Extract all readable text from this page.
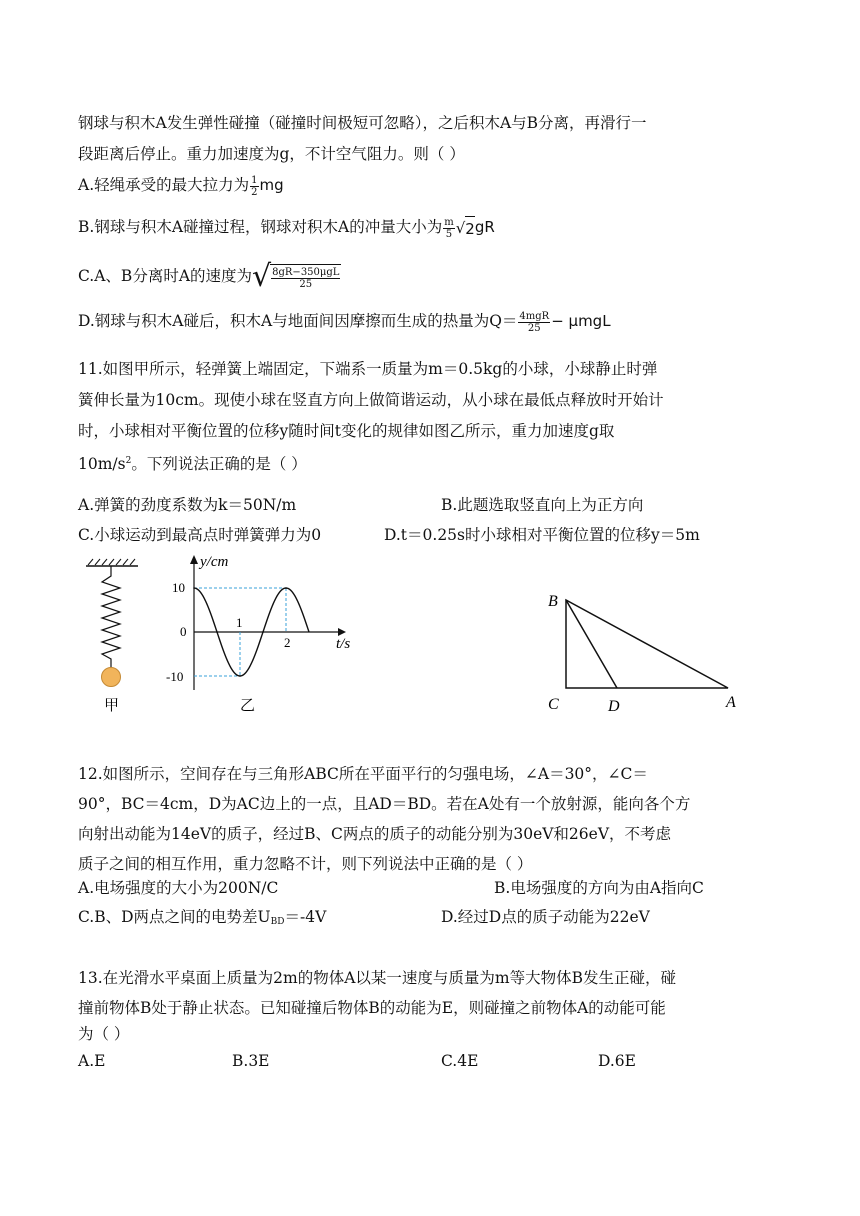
钢球与积木A发生弹性碰撞（碰撞时间极短可忽略），之后积木A与B分离，再滑行一
段距离后停止。重力加速度为g，不计空气阻力。则（ ）
A.轻绳承受的最大拉力为 $\frac{1}{2}$ mg
B.钢球与积木A碰撞过程，钢球对积木A的冲量大小为 $\frac{m}{5}$ √ 2 gR
C.A、B分离时A的速度为 √ $\frac{\text{8gR−350μgL}}{25}$
D.钢球与积木A碰后，积木A与地面间因摩擦而生成的热量为$Q= \frac{\text{4mgR}}{25} - \mu mgL$
11.如图甲所示，轻弹簧上端固定，下端系一质量为m＝0.5kg的小球，小球静止时弹
簧伸长量为10cm。现使小球在竖直方向上做简谐运动，从小球在最低点释放时开始计
时，小球相对平衡位置的位移y随时间t变化的规律如图乙所示，重力加速度g取
$10m/s^2$。下列说法正确的是（ ）
A.弹簧的劲度系数为k＝50N/m	B.此题选取竖直向上为正方向
C.小球运动到最高点时弹簧弹力为0	D.t＝0.25s时小球相对平衡位置的位移y＝5m
甲
y/cm
t/s
10
0
-10
1
2
乙
B
C	D	A
12.如图所示，空间存在与三角形ABC所在平面平行的匀强电场，∠A＝30°，∠C＝
90°，BC＝4cm，D为AC边上的一点，且AD＝BD。若在A处有一个放射源，能向各个方
向射出动能为14eV的质子，经过B、C两点的质子的动能分别为30eV和26eV，不考虑
质子之间的相互作用，重力忽略不计，则下列说法中正确的是（ ）
A.电场强度的大小为200N/C	B.电场强度的方向为由A指向C
C.B、D两点之间的电势差$U_{BD}=-4V$	D.经过D点的质子动能为22eV
13.在光滑水平桌面上质量为2m的物体A以某一速度与质量为m等大物体B发生正碰，碰
撞前物体B处于静止状态。已知碰撞后物体B的动能为E，则碰撞之前物体A的动能可能
为（ ）
A.E	B.3E	C.4E	D.6E
